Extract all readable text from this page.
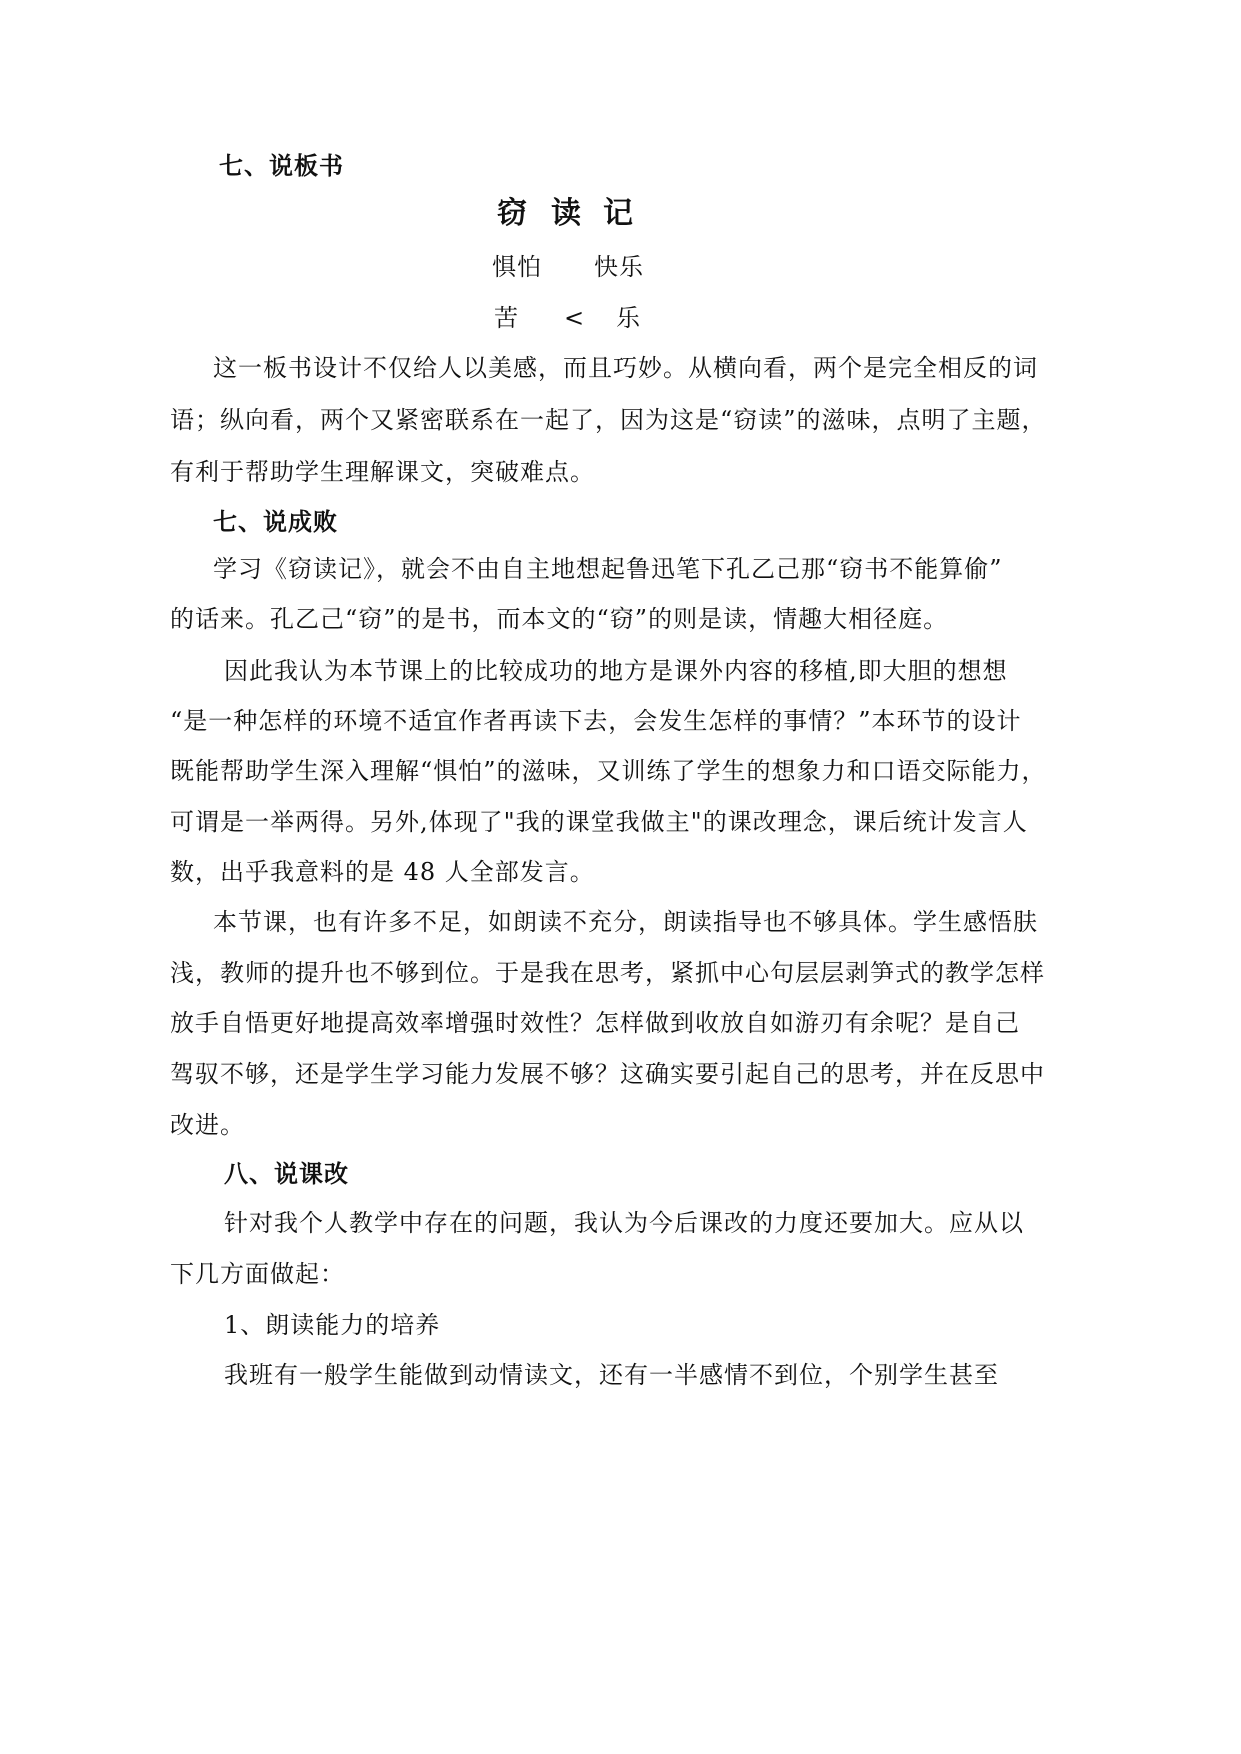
七、说板书
窃 读 记
惧怕 快乐
苦 < 乐
这一板书设计不仅给人以美感，而且巧妙。从横向看，两个是完全相反的词
语；纵向看，两个又紧密联系在一起了，因为这是“窃读”的滋味，点明了主题，
有利于帮助学生理解课文，突破难点。
七、说成败
学习《窃读记》，就会不由自主地想起鲁迅笔下孔乙己那“窃书不能算偷”
的话来。孔乙己“窃”的是书，而本文的“窃”的则是读，情趣大相径庭。
因此我认为本节课上的比较成功的地方是课外内容的移植,即大胆的想想
“是一种怎样的环境不适宜作者再读下去，会发生怎样的事情？”本环节的设计
既能帮助学生深入理解“惧怕”的滋味，又训练了学生的想象力和口语交际能力，
可谓是一举两得。另外,体现了"我的课堂我做主"的课改理念，课后统计发言人
数，出乎我意料的是 48 人全部发言。
本节课，也有许多不足，如朗读不充分，朗读指导也不够具体。学生感悟肤
浅，教师的提升也不够到位。于是我在思考，紧抓中心句层层剥笋式的教学怎样
放手自悟更好地提高效率增强时效性？怎样做到收放自如游刃有余呢？是自己
驾驭不够，还是学生学习能力发展不够？这确实要引起自己的思考，并在反思中
改进。
八、说课改
针对我个人教学中存在的问题，我认为今后课改的力度还要加大。应从以
下几方面做起：
1、朗读能力的培养
我班有一般学生能做到动情读文，还有一半感情不到位，个别学生甚至
